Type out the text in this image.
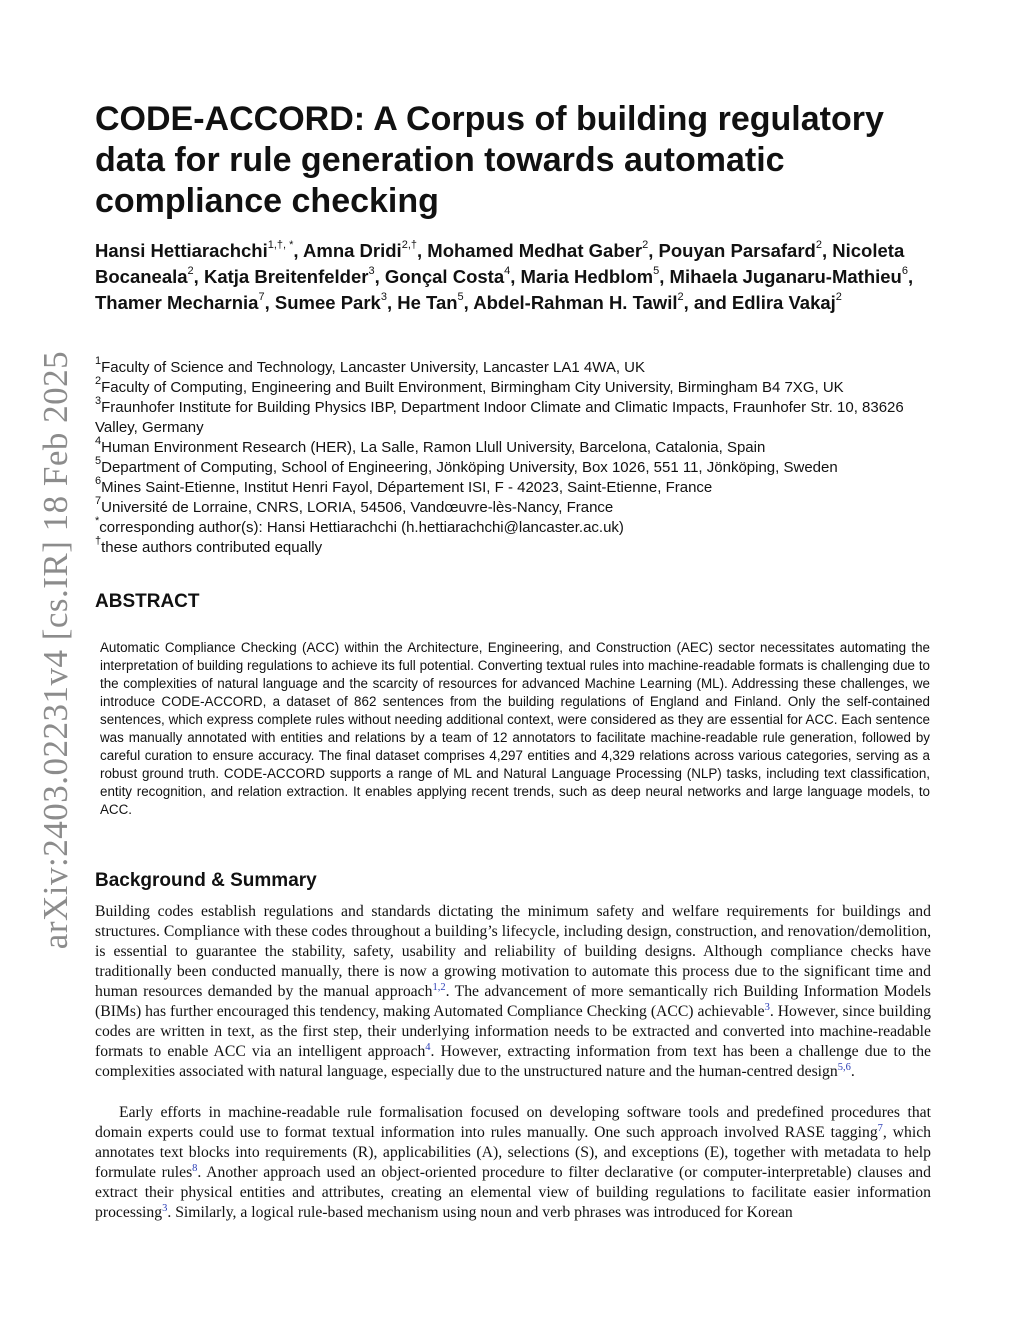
arXiv:2403.02231v4 [cs.IR] 18 Feb 2025
CODE-ACCORD: A Corpus of building regulatory data for rule generation towards automatic compliance checking

Hansi Hettiarachchi$^{1,\dagger, *}$, Amna Dridi$^{2,\dagger}$, Mohamed Medhat Gaber$^2$, Pouyan Parsafard$^2$, Nicoleta Bocaneala$^2$, Katja Breitenfelder$^3$, Gonçal Costa$^4$, Maria Hedblom$^5$, Mihaela Juganaru-Mathieu$^6$, Thamer Mecharnia$^7$, Sumee Park$^3$, He Tan$^5$, Abdel-Rahman H. Tawil$^2$, and Edlira Vakaj$^2$

$^1$Faculty of Science and Technology, Lancaster University, Lancaster LA1 4WA, UK

$^2$Faculty of Computing, Engineering and Built Environment, Birmingham City University, Birmingham B4 7XG, UK

$^3$Fraunhofer Institute for Building Physics IBP, Department Indoor Climate and Climatic Impacts, Fraunhofer Str. 10, 83626 Valley, Germany

$^4$Human Environment Research (HER), La Salle, Ramon Llull University, Barcelona, Catalonia, Spain

$^5$Department of Computing, School of Engineering, Jönköping University, Box 1026, 551 11, Jönköping, Sweden

$^6$Mines Saint-Etienne, Institut Henri Fayol, Département ISI, F - 42023, Saint-Etienne, France

$^7$Université de Lorraine, CNRS, LORIA, 54506, Vandœuvre-lès-Nancy, France

*corresponding author(s): Hansi Hettiarachchi (h.hettiarachchi@lancaster.ac.uk)

†these authors contributed equally

ABSTRACT

Automatic Compliance Checking (ACC) within the Architecture, Engineering, and Construction (AEC) sector necessitates automating the interpretation of building regulations to achieve its full potential. Converting textual rules into machine-readable formats is challenging due to the complexities of natural language and the scarcity of resources for advanced Machine Learning (ML). Addressing these challenges, we introduce CODE-ACCORD, a dataset of 862 sentences from the building regulations of England and Finland. Only the self-contained sentences, which express complete rules without needing additional context, were considered as they are essential for ACC. Each sentence was manually annotated with entities and relations by a team of 12 annotators to facilitate machine-readable rule generation, followed by careful curation to ensure accuracy. The final dataset comprises 4,297 entities and 4,329 relations across various categories, serving as a robust ground truth. CODE-ACCORD supports a range of ML and Natural Language Processing (NLP) tasks, including text classification, entity recognition, and relation extraction. It enables applying recent trends, such as deep neural networks and large language models, to ACC.

Background & Summary

Building codes establish regulations and standards dictating the minimum safety and welfare requirements for buildings and structures. Compliance with these codes throughout a building’s lifecycle, including design, construction, and renovation/demolition, is essential to guarantee the stability, safety, usability and reliability of building designs. Although compliance checks have traditionally been conducted manually, there is now a growing motivation to automate this process due to the significant time and human resources demanded by the manual approach$^{1,2}$. The advancement of more semantically rich Building Information Models (BIMs) has further encouraged this tendency, making Automated Compliance Checking (ACC) achievable$^3$. However, since building codes are written in text, as the first step, their underlying information needs to be extracted and converted into machine-readable formats to enable ACC via an intelligent approach$^4$. However, extracting information from text has been a challenge due to the complexities associated with natural language, especially due to the unstructured nature and the human-centred design$^{5,6}$.

Early efforts in machine-readable rule formalisation focused on developing software tools and predefined procedures that domain experts could use to format textual information into rules manually. One such approach involved RASE tagging$^7$, which annotates text blocks into requirements (R), applicabilities (A), selections (S), and exceptions (E), together with metadata to help formulate rules$^8$. Another approach used an object-oriented procedure to filter declarative (or computer-interpretable) clauses and extract their physical entities and attributes, creating an elemental view of building regulations to facilitate easier information processing$^3$. Similarly, a logical rule-based mechanism using noun and verb phrases was introduced for Korean
